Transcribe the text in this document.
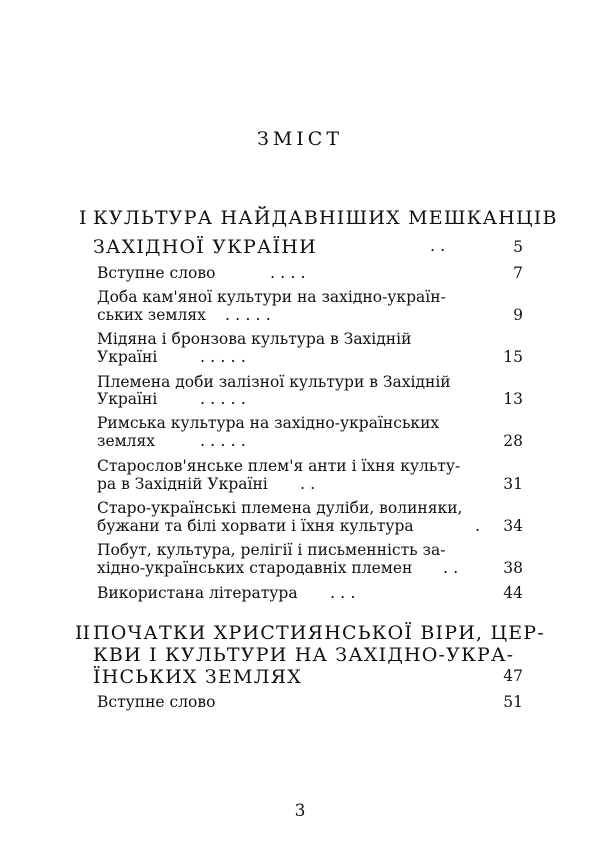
ЗМІСТ
I КУЛЬТУРА НАЙДАВНІШИХ МЕШКАНЦІВ
ЗАХІДНОЇ УКРАЇНИ	. .	5
Вступне слово	. . . .	7
Доба кам'яної культури на західно-україн-
ських землях . . . . .	9
Мідяна і бронзова культура в Західній
Україні	. . . . .	15
Племена доби залізної культури в Західній
Україні	. . . . .	13
Римська культура на західно-українських
землях	. . . . .	28
Старослов'янське плем'я анти і їхня культу-
ра в Західній Україні . .	31
Старо-українські племена дуліби, волиняки,
бужани та білі хорвати і їхня культура	. 34
Побут, культура, релігії і письменність за-
хідно-українських стародавніх племен . .	38
Використана література . . .	44
II ПОЧАТКИ ХРИСТИЯНСЬКОЇ ВІРИ, ЦЕР-
КВИ І КУЛЬТУРИ НА ЗАХІДНО-УКРА-
ЇНСЬКИХ ЗЕМЛЯХ	47
Вступне слово	51
3
